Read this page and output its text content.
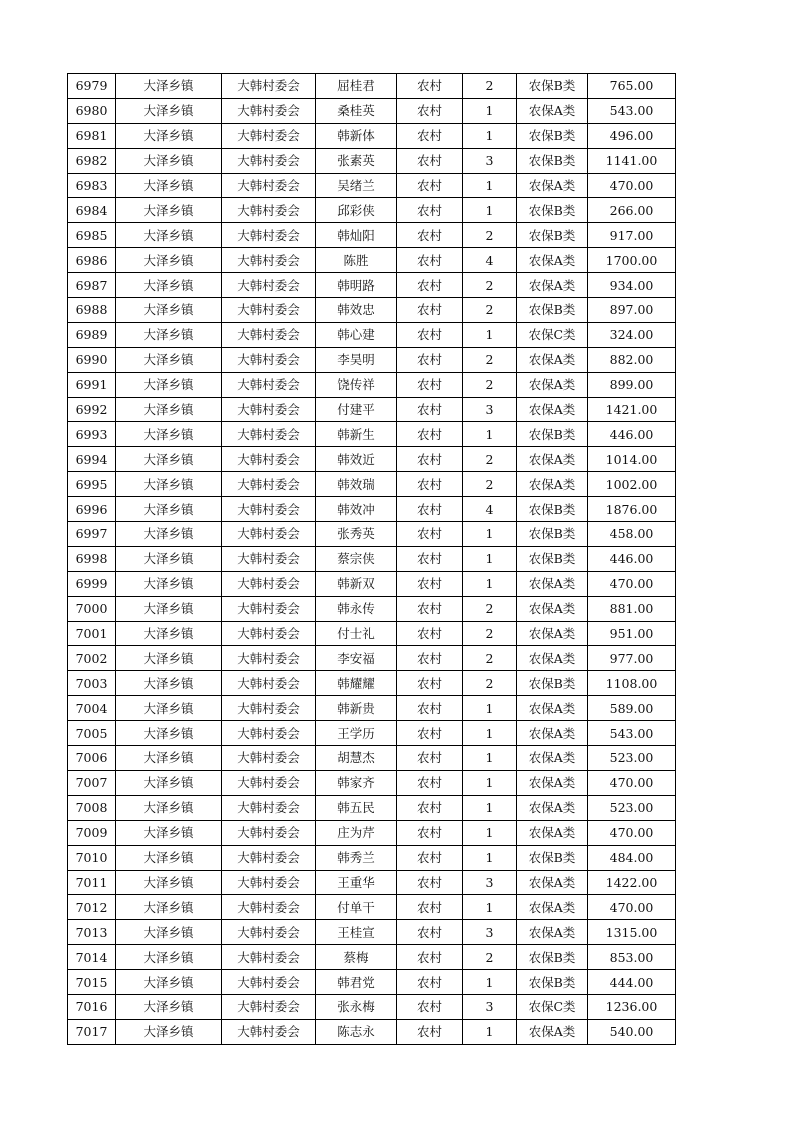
6979	大泽乡镇	大韩村委会	屈桂君	农村	2	农保B类	765.00
6980	大泽乡镇	大韩村委会	桑桂英	农村	1	农保A类	543.00
6981	大泽乡镇	大韩村委会	韩新体	农村	1	农保B类	496.00
6982	大泽乡镇	大韩村委会	张素英	农村	3	农保B类	1141.00
6983	大泽乡镇	大韩村委会	吴绪兰	农村	1	农保A类	470.00
6984	大泽乡镇	大韩村委会	邱彩侠	农村	1	农保B类	266.00
6985	大泽乡镇	大韩村委会	韩灿阳	农村	2	农保B类	917.00
6986	大泽乡镇	大韩村委会	陈胜	农村	4	农保A类	1700.00
6987	大泽乡镇	大韩村委会	韩明路	农村	2	农保A类	934.00
6988	大泽乡镇	大韩村委会	韩效忠	农村	2	农保B类	897.00
6989	大泽乡镇	大韩村委会	韩心建	农村	1	农保C类	324.00
6990	大泽乡镇	大韩村委会	李昊明	农村	2	农保A类	882.00
6991	大泽乡镇	大韩村委会	饶传祥	农村	2	农保A类	899.00
6992	大泽乡镇	大韩村委会	付建平	农村	3	农保A类	1421.00
6993	大泽乡镇	大韩村委会	韩新生	农村	1	农保B类	446.00
6994	大泽乡镇	大韩村委会	韩效近	农村	2	农保A类	1014.00
6995	大泽乡镇	大韩村委会	韩效瑞	农村	2	农保A类	1002.00
6996	大泽乡镇	大韩村委会	韩效冲	农村	4	农保B类	1876.00
6997	大泽乡镇	大韩村委会	张秀英	农村	1	农保B类	458.00
6998	大泽乡镇	大韩村委会	蔡宗侠	农村	1	农保B类	446.00
6999	大泽乡镇	大韩村委会	韩新双	农村	1	农保A类	470.00
7000	大泽乡镇	大韩村委会	韩永传	农村	2	农保A类	881.00
7001	大泽乡镇	大韩村委会	付士礼	农村	2	农保A类	951.00
7002	大泽乡镇	大韩村委会	李安福	农村	2	农保A类	977.00
7003	大泽乡镇	大韩村委会	韩耀耀	农村	2	农保B类	1108.00
7004	大泽乡镇	大韩村委会	韩新贵	农村	1	农保A类	589.00
7005	大泽乡镇	大韩村委会	王学历	农村	1	农保A类	543.00
7006	大泽乡镇	大韩村委会	胡慧杰	农村	1	农保A类	523.00
7007	大泽乡镇	大韩村委会	韩家齐	农村	1	农保A类	470.00
7008	大泽乡镇	大韩村委会	韩五民	农村	1	农保A类	523.00
7009	大泽乡镇	大韩村委会	庄为芹	农村	1	农保A类	470.00
7010	大泽乡镇	大韩村委会	韩秀兰	农村	1	农保B类	484.00
7011	大泽乡镇	大韩村委会	王重华	农村	3	农保A类	1422.00
7012	大泽乡镇	大韩村委会	付单干	农村	1	农保A类	470.00
7013	大泽乡镇	大韩村委会	王桂宣	农村	3	农保A类	1315.00
7014	大泽乡镇	大韩村委会	蔡梅	农村	2	农保B类	853.00
7015	大泽乡镇	大韩村委会	韩君党	农村	1	农保B类	444.00
7016	大泽乡镇	大韩村委会	张永梅	农村	3	农保C类	1236.00
7017	大泽乡镇	大韩村委会	陈志永	农村	1	农保A类	540.00
